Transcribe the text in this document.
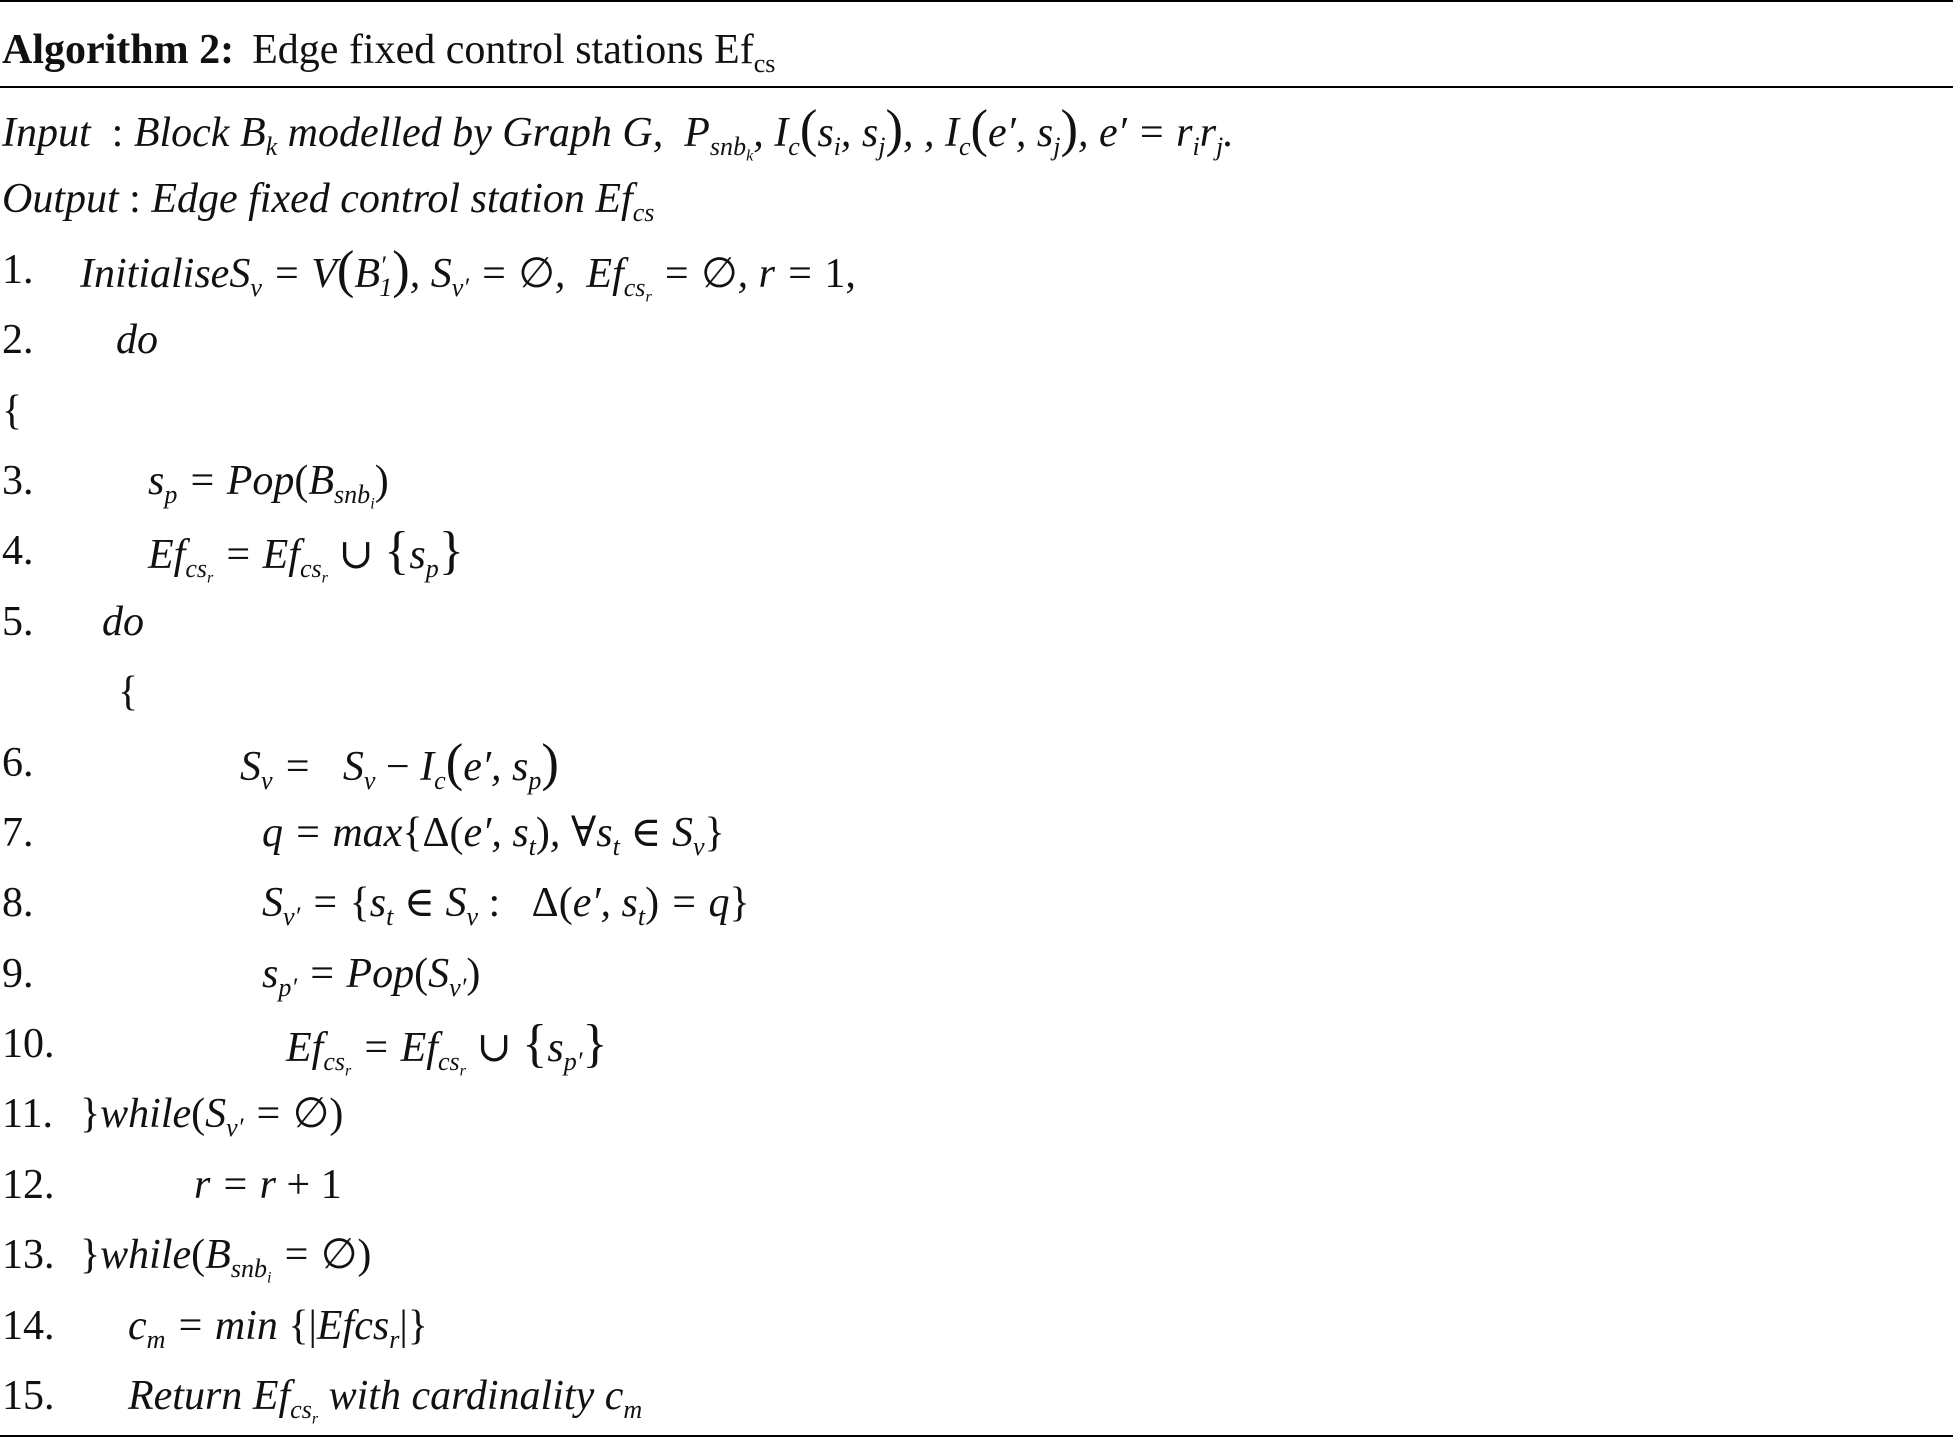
Algorithm 2: Edge fixed control stations $Ef_{cs}$
Input : Block $B_k$ modelled by Graph G,  $P_{snb_k}$, $I_c(s_i$, $s_j$), , $I_c(e'$, $s_j$), $e' = r_ir_j$.
Output : Edge fixed control station $Ef_{cs}$
1. InitialiseS$_v$ = $V(B'_1)$, $S_{v'}$ = ∅,  $Ef_{cs_r}$ = ∅, r = 1,
2. do
{
3.	$s_p = Pop(B_{snb_i})$
4.	$Ef_{cs_r} = Ef_{cs_r}$ ∪ $\{s_p\}$
5. do
{
6.	$S_v = S_v - I_c(e'$, $s_p$)
7.	q = max{Δ(e′, $s_t$), $\forall s_t$ ∈ $S_v$}
8.	$S_{v'} = \{s_t$ ∈ $S_v$ :   Δ(e′, $s_t) = q$}
9.	$s_{p'} = Pop(S_{v'})$
10.	$Ef_{cs_r} = Ef_{cs_r}$ ∪ $\{s_{p'}\}$
11. }$while(S_{v'}$ = ∅)
12.	r = r + 1
13. }$while(B_{snb_i}$ = ∅)
14. $c_m = \min$ {|Efcs$_r$|}
15. Return $Ef_{cs_r}$ with cardinality $c_m$
